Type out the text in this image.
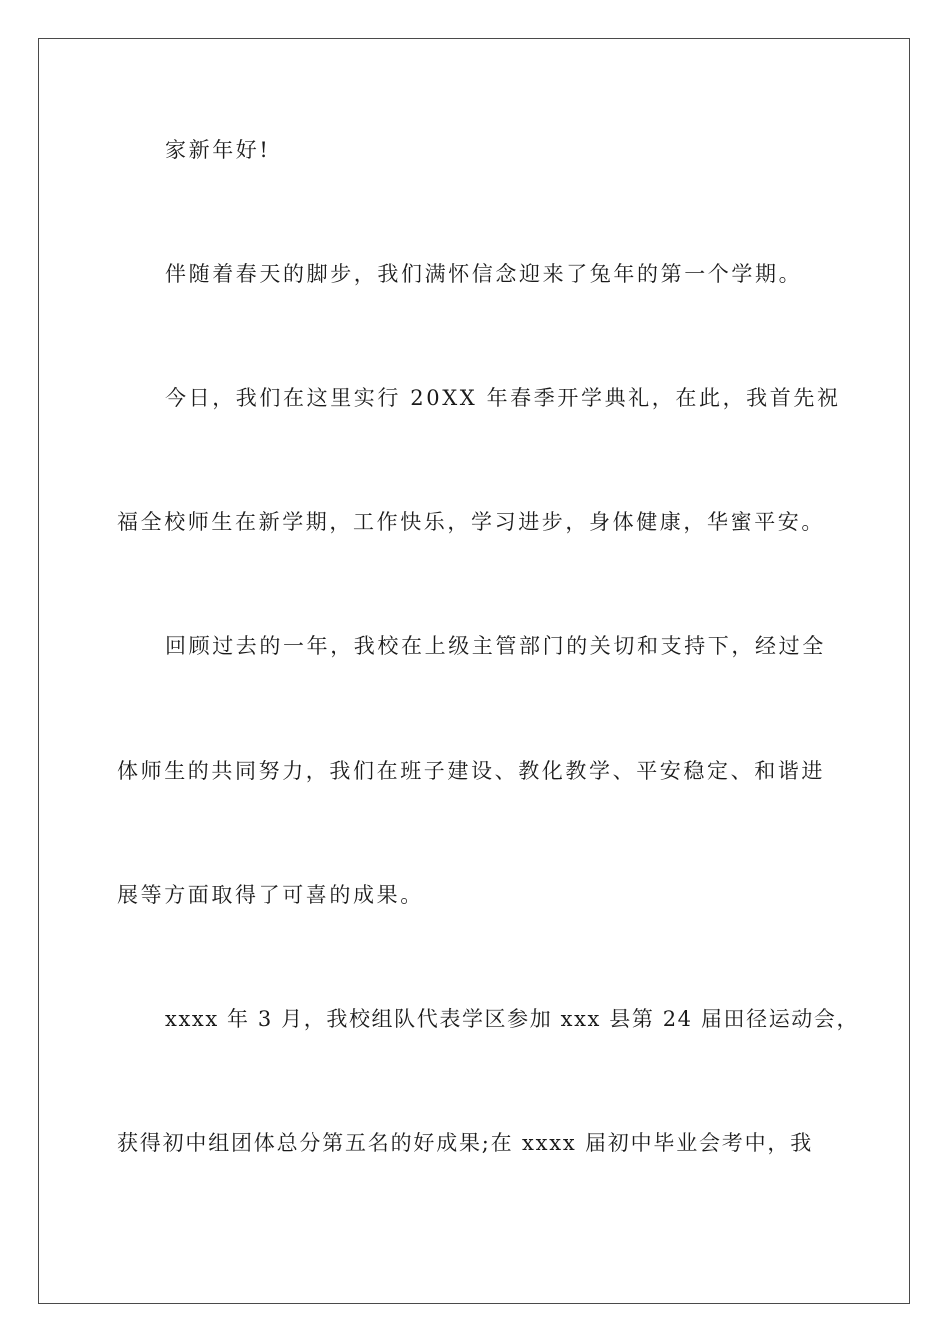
家新年好!
伴随着春天的脚步，我们满怀信念迎来了兔年的第一个学期。
今日，我们在这里实行 20XX 年春季开学典礼，在此，我首先祝
福全校师生在新学期，工作快乐，学习进步，身体健康，华蜜平安。
回顾过去的一年，我校在上级主管部门的关切和支持下，经过全
体师生的共同努力，我们在班子建设、教化教学、平安稳定、和谐进
展等方面取得了可喜的成果。
xxxx 年 3 月，我校组队代表学区参加 xxx 县第 24 届田径运动会，
获得初中组团体总分第五名的好成果;在 xxxx 届初中毕业会考中，我
